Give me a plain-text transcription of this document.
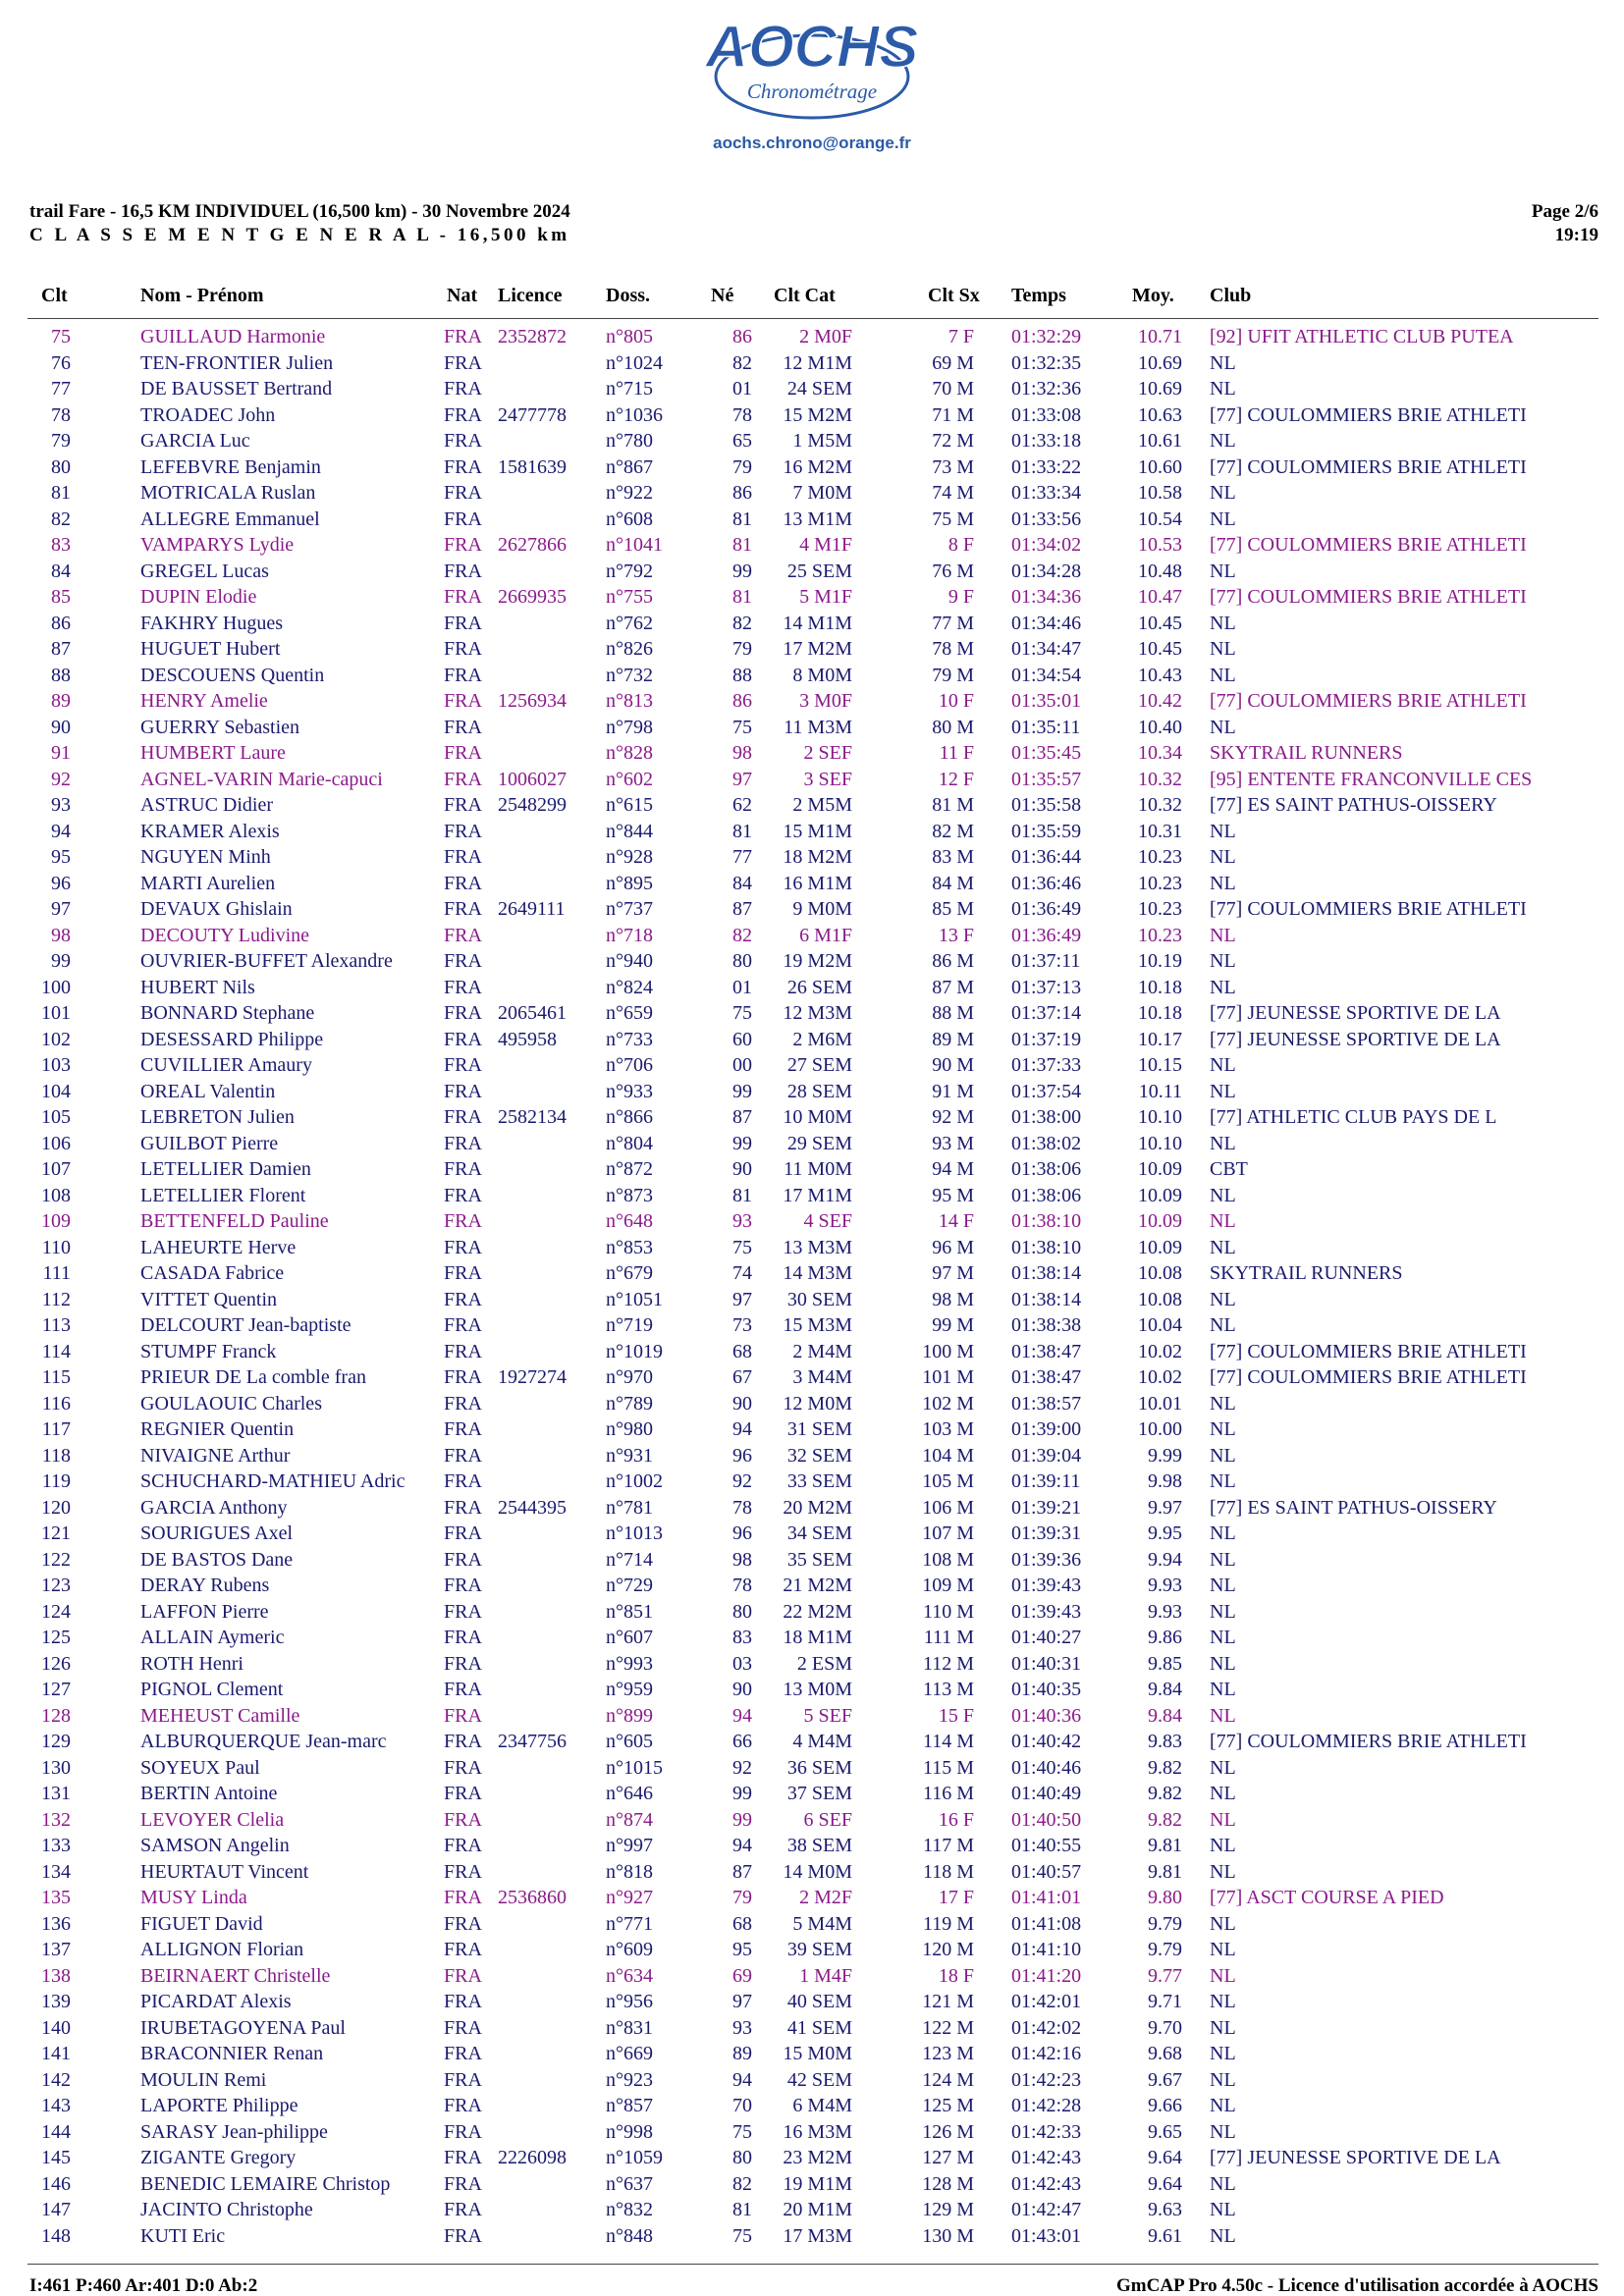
AOCHS
Chronométrage
aochs.chrono@orange.fr
trail Fare - 16,5 KM INDIVIDUEL (16,500 km) - 30 Novembre 2024
C L A S S E M E N T G E N E R A L - 16,500 km
Page 2/6
19:19
Clt	Nom - Prénom	Nat Licence Doss.	Né Clt Cat	Clt Sx Temps	Moy. Club
75	GUILLAUD Harmonie	FRA 2352872 n°805	86	2 M0F	7 F 01:32:29	10.71 [92] UFIT ATHLETIC CLUB PUTEA
76	TEN-FRONTIER Julien	FRA	n°1024	82	12 M1M	69 M 01:32:35	10.69 NL
77	DE BAUSSET Bertrand	FRA	n°715	01	24 SEM	70 M 01:32:36	10.69 NL
78	TROADEC John	FRA 2477778 n°1036	78	15 M2M	71 M 01:33:08	10.63 [77] COULOMMIERS BRIE ATHLETI
79	GARCIA Luc	FRA	n°780	65	1 M5M	72 M 01:33:18	10.61 NL
80	LEFEBVRE Benjamin	FRA 1581639 n°867	79	16 M2M	73 M 01:33:22	10.60 [77] COULOMMIERS BRIE ATHLETI
81	MOTRICALA Ruslan	FRA	n°922	86	7 M0M	74 M 01:33:34	10.58 NL
82	ALLEGRE Emmanuel	FRA	n°608	81	13 M1M	75 M 01:33:56	10.54 NL
83	VAMPARYS Lydie	FRA 2627866 n°1041	81	4 M1F	8 F 01:34:02	10.53 [77] COULOMMIERS BRIE ATHLETI
84	GREGEL Lucas	FRA	n°792	99	25 SEM	76 M 01:34:28	10.48 NL
85	DUPIN Elodie	FRA 2669935 n°755	81	5 M1F	9 F 01:34:36	10.47 [77] COULOMMIERS BRIE ATHLETI
86	FAKHRY Hugues	FRA	n°762	82	14 M1M	77 M 01:34:46	10.45 NL
87	HUGUET Hubert	FRA	n°826	79	17 M2M	78 M 01:34:47	10.45 NL
88	DESCOUENS Quentin	FRA	n°732	88	8 M0M	79 M 01:34:54	10.43 NL
89	HENRY Amelie	FRA 1256934 n°813	86	3 M0F	10 F 01:35:01	10.42 [77] COULOMMIERS BRIE ATHLETI
90	GUERRY Sebastien	FRA	n°798	75	11 M3M	80 M 01:35:11	10.40 NL
91	HUMBERT Laure	FRA	n°828	98	2 SEF	11 F 01:35:45	10.34 SKYTRAIL RUNNERS
92	AGNEL-VARIN Marie-capuci	FRA 1006027 n°602	97	3 SEF	12 F 01:35:57	10.32 [95] ENTENTE FRANCONVILLE CES
93	ASTRUC Didier	FRA 2548299 n°615	62	2 M5M	81 M 01:35:58	10.32 [77] ES SAINT PATHUS-OISSERY
94	KRAMER Alexis	FRA	n°844	81	15 M1M	82 M 01:35:59	10.31 NL
95	NGUYEN Minh	FRA	n°928	77	18 M2M	83 M 01:36:44	10.23 NL
96	MARTI Aurelien	FRA	n°895	84	16 M1M	84 M 01:36:46	10.23 NL
97	DEVAUX Ghislain	FRA 2649111 n°737	87	9 M0M	85 M 01:36:49	10.23 [77] COULOMMIERS BRIE ATHLETI
98	DECOUTY Ludivine	FRA	n°718	82	6 M1F	13 F 01:36:49	10.23 NL
99	OUVRIER-BUFFET Alexandre	FRA	n°940	80	19 M2M	86 M 01:37:11	10.19 NL
100	HUBERT Nils	FRA	n°824	01	26 SEM	87 M 01:37:13	10.18 NL
101	BONNARD Stephane	FRA 2065461 n°659	75	12 M3M	88 M 01:37:14	10.18 [77] JEUNESSE SPORTIVE DE LA
102	DESESSARD Philippe	FRA 495958	n°733	60	2 M6M	89 M 01:37:19	10.17 [77] JEUNESSE SPORTIVE DE LA
103	CUVILLIER Amaury	FRA	n°706	00	27 SEM	90 M 01:37:33	10.15 NL
104	OREAL Valentin	FRA	n°933	99	28 SEM	91 M 01:37:54	10.11 NL
105	LEBRETON Julien	FRA 2582134 n°866	87	10 M0M	92 M 01:38:00	10.10 [77] ATHLETIC CLUB PAYS DE L
106	GUILBOT Pierre	FRA	n°804	99	29 SEM	93 M 01:38:02	10.10 NL
107	LETELLIER Damien	FRA	n°872	90	11 M0M	94 M 01:38:06	10.09 CBT
108	LETELLIER Florent	FRA	n°873	81	17 M1M	95 M 01:38:06	10.09 NL
109	BETTENFELD Pauline	FRA	n°648	93	4 SEF	14 F 01:38:10	10.09 NL
110	LAHEURTE Herve	FRA	n°853	75	13 M3M	96 M 01:38:10	10.09 NL
111	CASADA Fabrice	FRA	n°679	74	14 M3M	97 M 01:38:14	10.08 SKYTRAIL RUNNERS
112	VITTET Quentin	FRA	n°1051	97	30 SEM	98 M 01:38:14	10.08 NL
113	DELCOURT Jean-baptiste	FRA	n°719	73	15 M3M	99 M 01:38:38	10.04 NL
114	STUMPF Franck	FRA	n°1019	68	2 M4M	100 M 01:38:47	10.02 [77] COULOMMIERS BRIE ATHLETI
115	PRIEUR DE La comble fran	FRA 1927274 n°970	67	3 M4M	101 M 01:38:47	10.02 [77] COULOMMIERS BRIE ATHLETI
116	GOULAOUIC Charles	FRA	n°789	90	12 M0M	102 M 01:38:57	10.01 NL
117	REGNIER Quentin	FRA	n°980	94	31 SEM	103 M 01:39:00	10.00 NL
118	NIVAIGNE Arthur	FRA	n°931	96	32 SEM	104 M 01:39:04	9.99 NL
119	SCHUCHARD-MATHIEU Adric	FRA	n°1002	92	33 SEM	105 M 01:39:11	9.98 NL
120	GARCIA Anthony	FRA 2544395 n°781	78	20 M2M	106 M 01:39:21	9.97 [77] ES SAINT PATHUS-OISSERY
121	SOURIGUES Axel	FRA	n°1013	96	34 SEM	107 M 01:39:31	9.95 NL
122	DE BASTOS Dane	FRA	n°714	98	35 SEM	108 M 01:39:36	9.94 NL
123	DERAY Rubens	FRA	n°729	78	21 M2M	109 M 01:39:43	9.93 NL
124	LAFFON Pierre	FRA	n°851	80	22 M2M	110 M 01:39:43	9.93 NL
125	ALLAIN Aymeric	FRA	n°607	83	18 M1M	111 M 01:40:27	9.86 NL
126	ROTH Henri	FRA	n°993	03	2 ESM	112 M 01:40:31	9.85 NL
127	PIGNOL Clement	FRA	n°959	90	13 M0M	113 M 01:40:35	9.84 NL
128	MEHEUST Camille	FRA	n°899	94	5 SEF	15 F 01:40:36	9.84 NL
129	ALBURQUERQUE Jean-marc	FRA 2347756 n°605	66	4 M4M	114 M 01:40:42	9.83 [77] COULOMMIERS BRIE ATHLETI
130	SOYEUX Paul	FRA	n°1015	92	36 SEM	115 M 01:40:46	9.82 NL
131	BERTIN Antoine	FRA	n°646	99	37 SEM	116 M 01:40:49	9.82 NL
132	LEVOYER Clelia	FRA	n°874	99	6 SEF	16 F 01:40:50	9.82 NL
133	SAMSON Angelin	FRA	n°997	94	38 SEM	117 M 01:40:55	9.81 NL
134	HEURTAUT Vincent	FRA	n°818	87	14 M0M	118 M 01:40:57	9.81 NL
135	MUSY Linda	FRA 2536860 n°927	79	2 M2F	17 F 01:41:01	9.80 [77] ASCT COURSE A PIED
136	FIGUET David	FRA	n°771	68	5 M4M	119 M 01:41:08	9.79 NL
137	ALLIGNON Florian	FRA	n°609	95	39 SEM	120 M 01:41:10	9.79 NL
138	BEIRNAERT Christelle	FRA	n°634	69	1 M4F	18 F 01:41:20	9.77 NL
139	PICARDAT Alexis	FRA	n°956	97	40 SEM	121 M 01:42:01	9.71 NL
140	IRUBETAGOYENA Paul	FRA	n°831	93	41 SEM	122 M 01:42:02	9.70 NL
141	BRACONNIER Renan	FRA	n°669	89	15 M0M	123 M 01:42:16	9.68 NL
142	MOULIN Remi	FRA	n°923	94	42 SEM	124 M 01:42:23	9.67 NL
143	LAPORTE Philippe	FRA	n°857	70	6 M4M	125 M 01:42:28	9.66 NL
144	SARASY Jean-philippe	FRA	n°998	75	16 M3M	126 M 01:42:33	9.65 NL
145	ZIGANTE Gregory	FRA 2226098 n°1059	80	23 M2M	127 M 01:42:43	9.64 [77] JEUNESSE SPORTIVE DE LA
146	BENEDIC LEMAIRE Christop	FRA	n°637	82	19 M1M	128 M 01:42:43	9.64 NL
147	JACINTO Christophe	FRA	n°832	81	20 M1M	129 M 01:42:47	9.63 NL
148	KUTI Eric	FRA	n°848	75	17 M3M	130 M 01:43:01	9.61 NL
I:461 P:460 Ar:401 D:0 Ab:2	GmCAP Pro 4.50c - Licence d'utilisation accordée à AOCHS
